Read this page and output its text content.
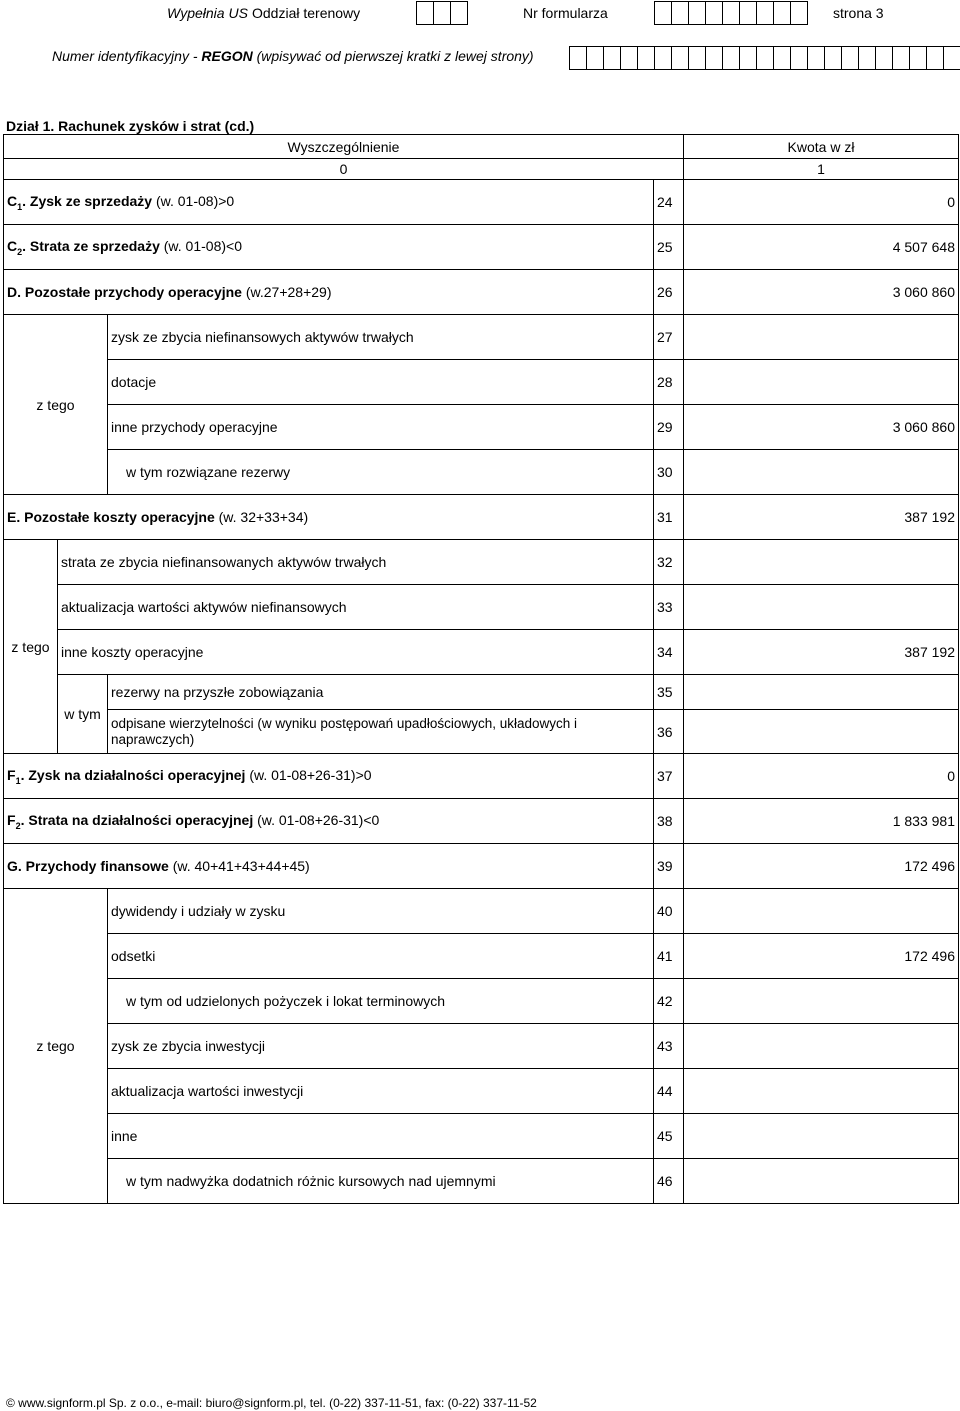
Wypełnia US Oddział terenowy	Nr formularza	strona 3
Numer identyfikacyjny - REGON (wpisywać od pierwszej kratki z lewej strony)
Dział 1. Rachunek zysków i strat (cd.)
Wyszczególnienie				Kwota w zł
0				1
$C_1$. Zysk ze sprzedaży (w. 01-08)>0			24	0
$C_2$. Strata ze sprzedaży (w. 01-08)<0			25	4 507 648
D. Pozostałe przychody operacyjne (w.27+28+29)			26	3 060 860
z tego		zysk ze zbycia niefinansowych aktywów trwałych	27	
		dotacje	28	
		inne przychody operacyjne	29	3 060 860
		w tym rozwiązane rezerwy	30	
E. Pozostałe koszty operacyjne (w. 32+33+34)			31	387 192
z tego	strata ze zbycia niefinansowanych aktywów trwałych		32	
	aktualizacja wartości aktywów niefinansowych		33	
	inne koszty operacyjne		34	387 192
	w tym	rezerwy na przyszłe zobowiązania	35	
		odpisane wierzytelności (w wyniku postępowań upadłościowych, układowych i naprawczych)	36	
$F_1$. Zysk na działalności operacyjnej (w. 01-08+26-31)>0			37	0
$F_2$. Strata na działalności operacyjnej (w. 01-08+26-31)<0			38	1 833 981
G. Przychody finansowe (w. 40+41+43+44+45)			39	172 496
z tego		dywidendy i udziały w zysku	40	
		odsetki	41	172 496
		w tym od udzielonych pożyczek i lokat terminowych	42	
		zysk ze zbycia inwestycji	43	
		aktualizacja wartości inwestycji	44	
		inne	45	
		w tym nadwyżka dodatnich różnic kursowych nad ujemnymi	46	
© www.signform.pl Sp. z o.o., e-mail: biuro@signform.pl, tel. (0-22) 337-11-51, fax: (0-22) 337-11-52
